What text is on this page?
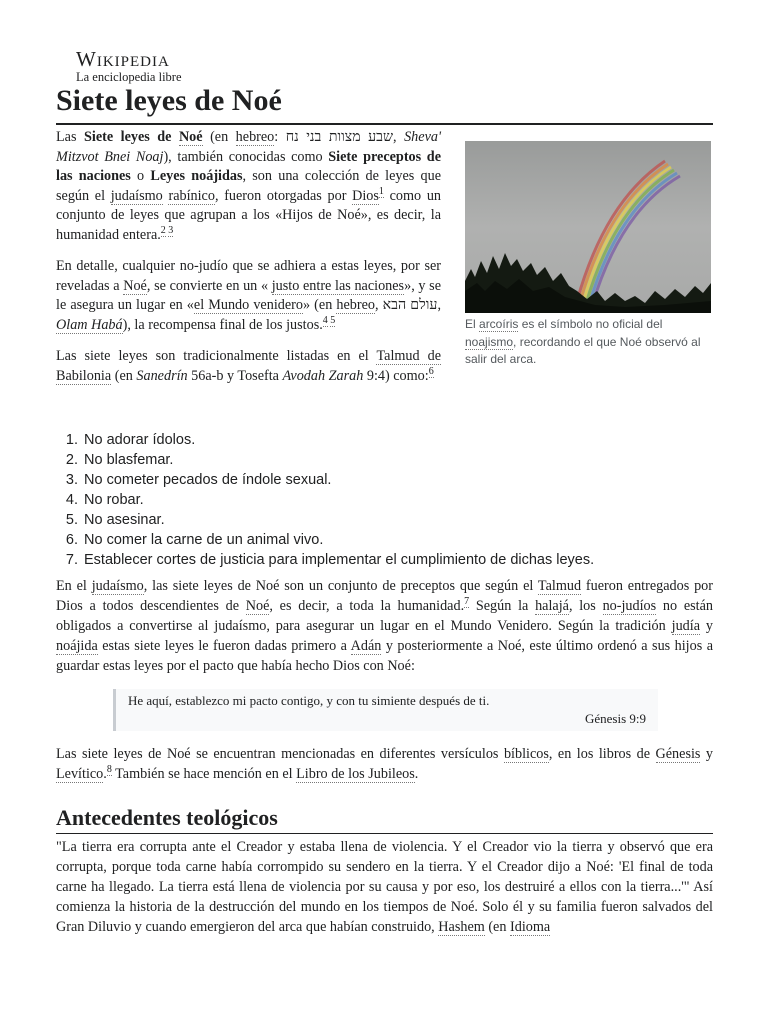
Wikipedia
La enciclopedia libre
Siete leyes de Noé

Las Siete leyes de Noé (en hebreo: שבע מצוות בני נח, Sheva' Mitzvot Bnei Noaj), también conocidas como Siete preceptos de las naciones o Leyes noájidas, son una colección de leyes que según el judaísmo rabínico, fueron otorgadas por Dios$^1$ como un conjunto de leyes que agrupan a los «Hijos de Noé», es decir, la humanidad entera.$^{2 3}$

En detalle, cualquier no-judío que se adhiera a estas leyes, por ser reveladas a Noé, se convierte en un « justo entre las naciones», y se le asegura un lugar en «el Mundo venidero» (en hebreo, עולם הבא, Olam Habá), la recompensa final de los justos.$^{4 5}$

Las siete leyes son tradicionalmente listadas en el Talmud de Babilonia (en Sanedrín 56a-b y Tosefta Avodah Zarah 9:4) como:$^6$

El arcoíris es el símbolo no oficial del noajismo, recordando el que Noé observó al salir del arca.
1. No adorar ídolos.
2. No blasfemar.
3. No cometer pecados de índole sexual.
4. No robar.
5. No asesinar.
6. No comer la carne de un animal vivo.
7. Establecer cortes de justicia para implementar el cumplimiento de dichas leyes.

En el judaísmo, las siete leyes de Noé son un conjunto de preceptos que según el Talmud fueron entregados por Dios a todos descendientes de Noé, es decir, a toda la humanidad.$^7$ Según la halajá, los no-judíos no están obligados a convertirse al judaísmo, para asegurar un lugar en el Mundo Venidero. Según la tradición judía y noájida estas siete leyes le fueron dadas primero a Adán y posteriormente a Noé, este último ordenó a sus hijos a guardar estas leyes por el pacto que había hecho Dios con Noé:

He aquí, establezco mi pacto contigo, y con tu simiente después de ti.
Génesis 9:9

Las siete leyes de Noé se encuentran mencionadas en diferentes versículos bíblicos, en los libros de Génesis y Levítico.$^8$ También se hace mención en el Libro de los Jubileos.

Antecedentes teológicos

"La tierra era corrupta ante el Creador y estaba llena de violencia. Y el Creador vio la tierra y observó que era corrupta, porque toda carne había corrompido su sendero en la tierra. Y el Creador dijo a Noé: 'El final de toda carne ha llegado. La tierra está llena de violencia por su causa y por eso, los destruiré a ellos con la tierra...'" Así comienza la historia de la destrucción del mundo en los tiempos de Noé. Solo él y su familia fueron salvados del Gran Diluvio y cuando emergieron del arca que habían construido, Hashem (en Idioma
